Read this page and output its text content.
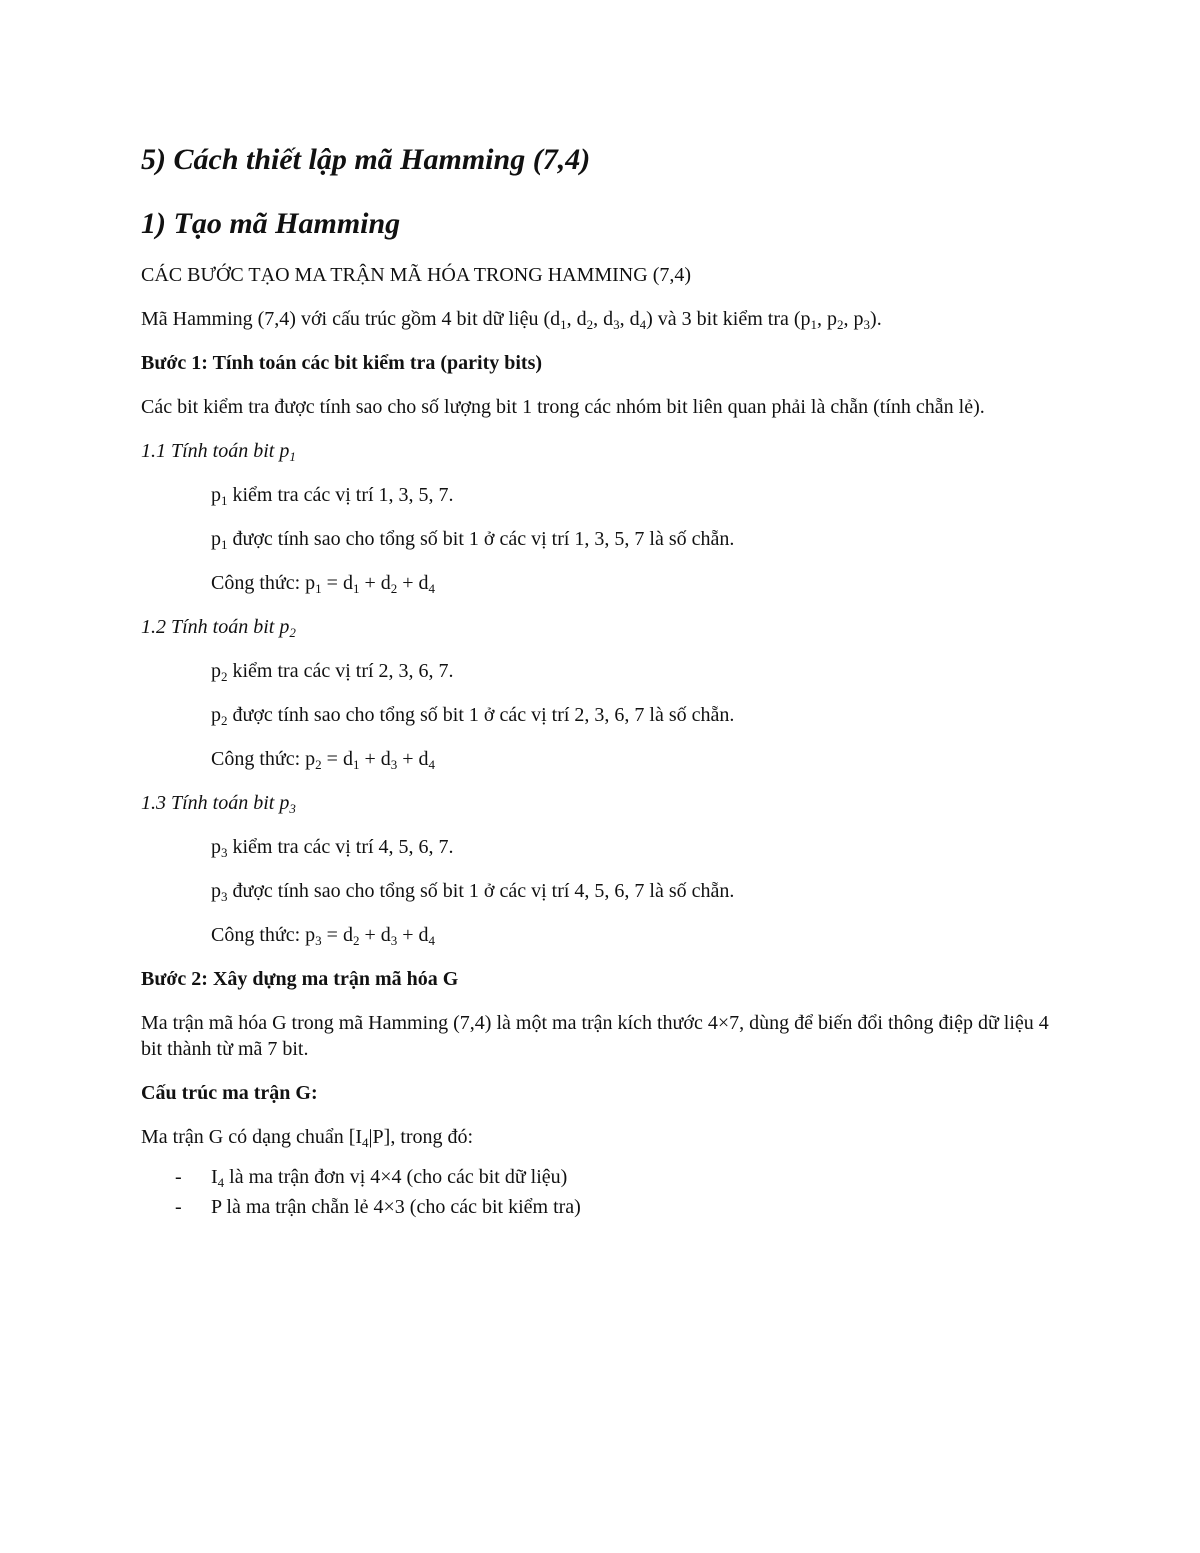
5) Cách thiết lập mã Hamming (7,4)
1) Tạo mã Hamming

CÁC BƯỚC TẠO MA TRẬN MÃ HÓA TRONG HAMMING (7,4)

Mã Hamming (7,4) với cấu trúc gồm 4 bit dữ liệu ($d_1$, $d_2$, $d_3$, $d_4$) và 3 bit kiểm tra ($p_1$, $p_2$, $p_3$).

Bước 1: Tính toán các bit kiểm tra (parity bits)

Các bit kiểm tra được tính sao cho số lượng bit 1 trong các nhóm bit liên quan phải là chẵn (tính chẵn lẻ).

1.1 Tính toán bit $p_1$

$p_1$ kiểm tra các vị trí 1, 3, 5, 7.

$p_1$ được tính sao cho tổng số bit 1 ở các vị trí 1, 3, 5, 7 là số chẵn.

Công thức: $p_1 = d_1 + d_2 + d_4$

1.2 Tính toán bit $p_2$

$p_2$ kiểm tra các vị trí 2, 3, 6, 7.

$p_2$ được tính sao cho tổng số bit 1 ở các vị trí 2, 3, 6, 7 là số chẵn.

Công thức: $p_2 = d_1 + d_3 + d_4$

1.3 Tính toán bit $p_3$

$p_3$ kiểm tra các vị trí 4, 5, 6, 7.

$p_3$ được tính sao cho tổng số bit 1 ở các vị trí 4, 5, 6, 7 là số chẵn.

Công thức: $p_3 = d_2 + d_3 + d_4$

Bước 2: Xây dựng ma trận mã hóa G

Ma trận mã hóa G trong mã Hamming (7,4) là một ma trận kích thước 4×7, dùng để biến đổi thông điệp dữ liệu 4 bit thành từ mã 7 bit.

Cấu trúc ma trận G:

Ma trận G có dạng chuẩn $[I_4|P]$, trong đó:

- $I_4$ là ma trận đơn vị 4×4 (cho các bit dữ liệu)
- P là ma trận chẵn lẻ 4×3 (cho các bit kiểm tra)
